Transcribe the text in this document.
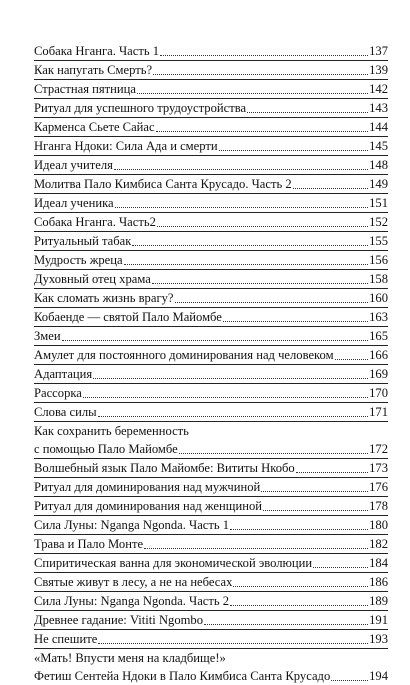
Собака Нганга. Часть 1	137
Как напугать Смерть?	139
Страстная пятница	142
Ритуал для успешного трудоустройства	143
Карменса Сьете Сайас	144
Нганга Ндоки: Сила Ада и смерти	145
Идеал учителя	148
Молитва Пало Кимбиса Санта Крусадо. Часть 2	149
Идеал ученика	151
Собака Нганга. Часть2	152
Ритуальный табак	155
Мудрость жреца	156
Духовный отец храма	158
Как сломать жизнь врагу?	160
Кобаенде — святой Пало Майомбе	163
Змеи	165
Амулет для постоянного доминирования над человеком	166
Адаптация	169
Рассорка	170
Слова силы	171
Как сохранить беременность
с помощью Пало Майомбе	172
Волшебный язык Пало Майомбе: Вититы Нкобо	173
Ритуал для доминирования над мужчиной	176
Ритуал для доминирования над женщиной	178
Сила Луны: Nganga Ngonda. Часть 1	180
Трава и Пало Монте	182
Спиритическая ванна для экономической эволюции	184
Святые живут в лесу, а не на небесах	186
Сила Луны: Nganga Ngonda. Часть 2	189
Древнее гадание: Vititi Ngombo	191
Не спешите	193
«Мать! Впусти меня на кладбище!»
Фетиш Сентейа Ндоки в Пало Кимбиса Санта Крусадо	194
